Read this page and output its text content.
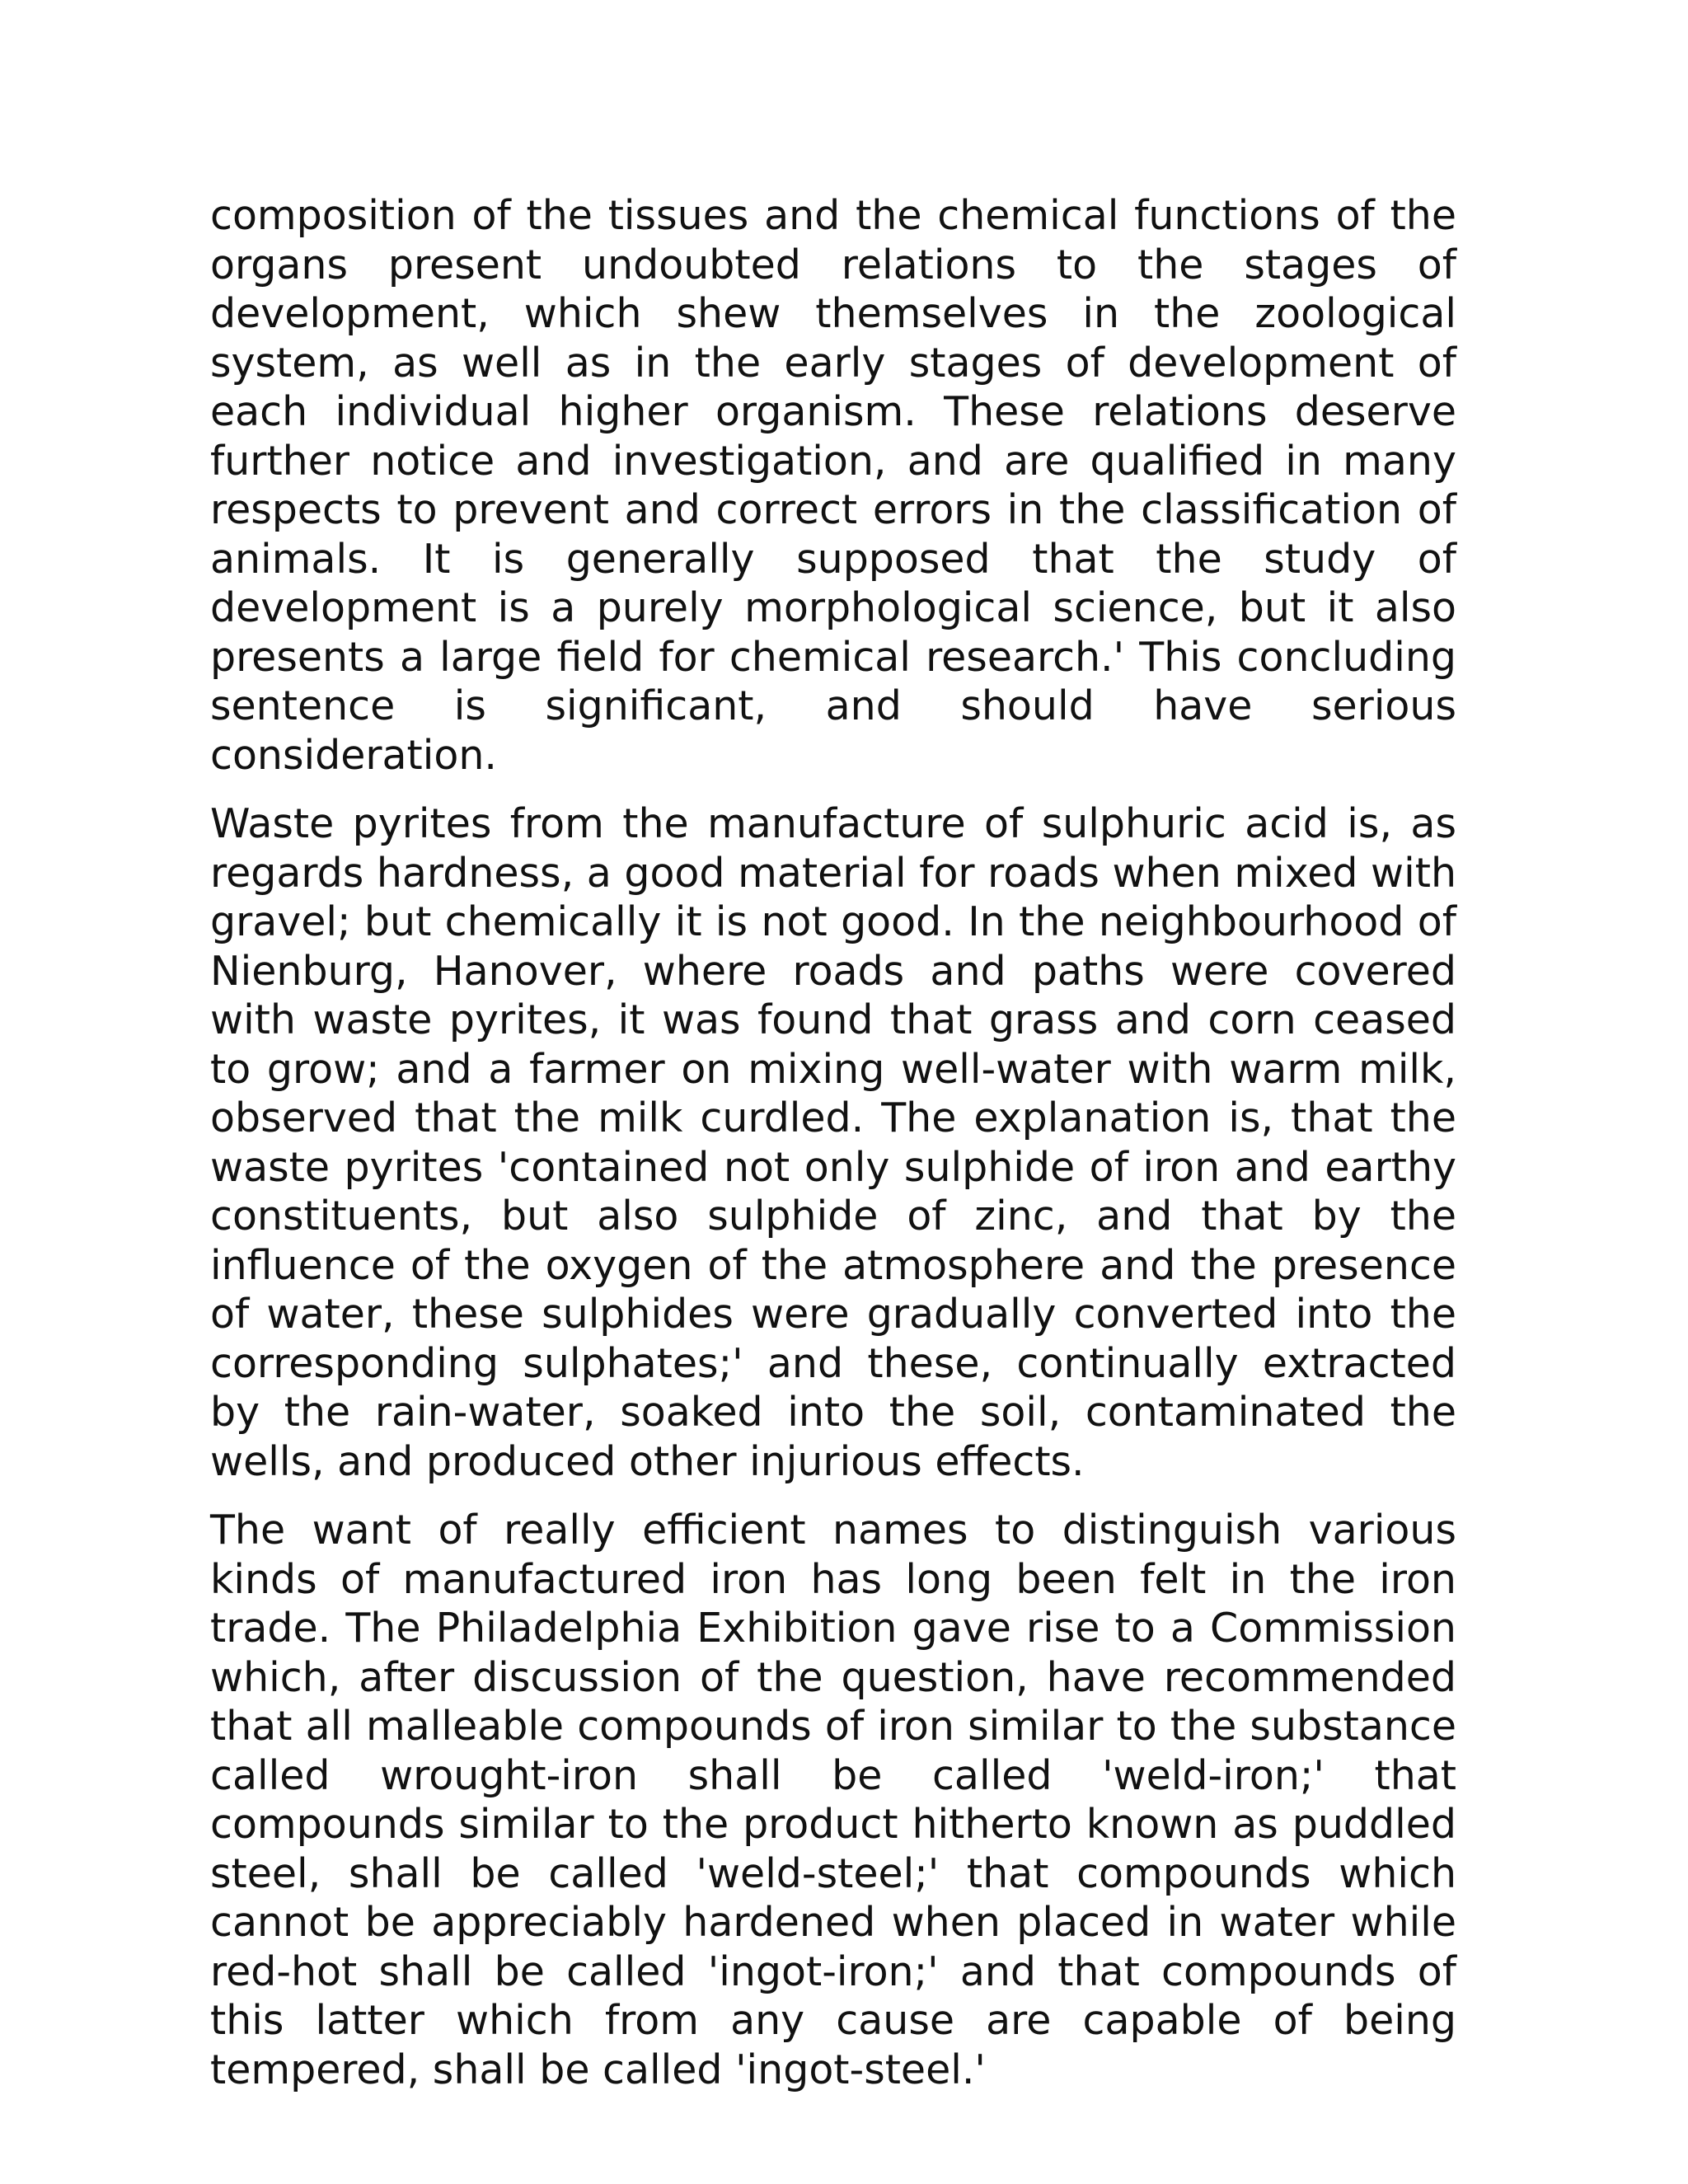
composition of the tissues and the chemical functions of the organs present undoubted relations to the stages of development, which shew themselves in the zoological system, as well as in the early stages of development of each individual higher organism. These relations deserve further notice and investigation, and are qualified in many respects to prevent and correct errors in the classification of animals. It is generally supposed that the study of development is a purely morphological science, but it also presents a large field for chemical research.' This concluding sentence is significant, and should have serious consideration.

Waste pyrites from the manufacture of sulphuric acid is, as regards hardness, a good material for roads when mixed with gravel; but chemically it is not good. In the neighbourhood of Nienburg, Hanover, where roads and paths were covered with waste pyrites, it was found that grass and corn ceased to grow; and a farmer on mixing well-water with warm milk, observed that the milk curdled. The explanation is, that the waste pyrites 'contained not only sulphide of iron and earthy constituents, but also sulphide of zinc, and that by the influence of the oxygen of the atmosphere and the presence of water, these sulphides were gradually converted into the corresponding sulphates;' and these, continually extracted by the rain-water, soaked into the soil, contaminated the wells, and produced other injurious effects.

The want of really efficient names to distinguish various kinds of manufactured iron has long been felt in the iron trade. The Philadelphia Exhibition gave rise to a Commission which, after discussion of the question, have recommended that all malleable compounds of iron similar to the substance called wrought-iron shall be called 'weld-iron;' that compounds similar to the product hitherto known as puddled steel, shall be called 'weld-steel;' that compounds which cannot be appreciably hardened when placed in water while red-hot shall be called 'ingot-iron;' and that compounds of this latter which from any cause are capable of being tempered, shall be called 'ingot-steel.'
